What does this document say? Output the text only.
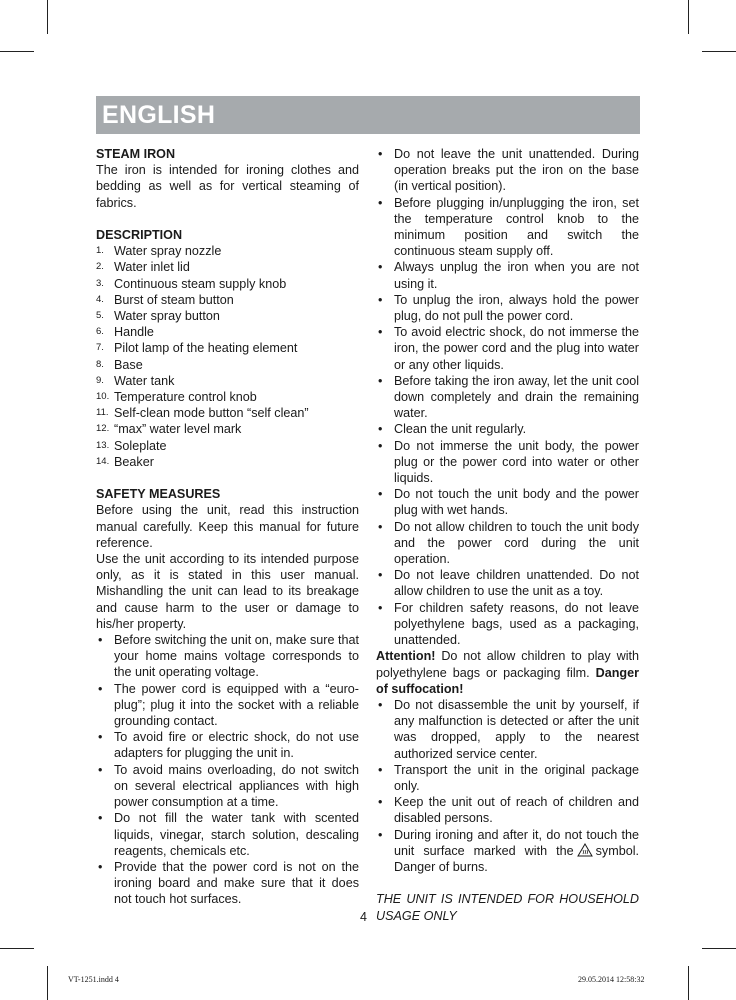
ENGLISH

STEAM IRON

The iron is intended for ironing clothes and bedding as well as for vertical steaming of fabrics.

DESCRIPTION

1. Water spray nozzle
2. Water inlet lid
3. Continuous steam supply knob
4. Burst of steam button
5. Water spray button
6. Handle
7. Pilot lamp of the heating element
8. Base
9. Water tank
10. Temperature control knob
11. Self-clean mode button “self clean”
12. “max” water level mark
13. Soleplate
14. Beaker

SAFETY MEASURES

Before using the unit, read this instruction manual carefully. Keep this manual for future reference.

Use the unit according to its intended purpose only, as it is stated in this user manual. Mishandling the unit can lead to its breakage and cause harm to the user or damage to his/her property.

• Before switching the unit on, make sure that your home mains voltage corresponds to the unit operating voltage.
• The power cord is equipped with a “euro-plug”; plug it into the socket with a reliable grounding contact.
• To avoid fire or electric shock, do not use adapters for plugging the unit in.
• To avoid mains overloading, do not switch on several electrical appliances with high power consumption at a time.
• Do not fill the water tank with scented liquids, vinegar, starch solution, descaling reagents, chemicals etc.
• Provide that the power cord is not on the ironing board and make sure that it does not touch hot surfaces.
• Do not leave the unit unattended. During operation breaks put the iron on the base (in vertical position).
• Before plugging in/unplugging the iron, set the temperature control knob to the minimum position and switch the continuous steam supply off.
• Always unplug the iron when you are not using it.
• To unplug the iron, always hold the power plug, do not pull the power cord.
• To avoid electric shock, do not immerse the iron, the power cord and the plug into water or any other liquids.
• Before taking the iron away, let the unit cool down completely and drain the remaining water.
• Clean the unit regularly.
• Do not immerse the unit body, the power plug or the power cord into water or other liquids.
• Do not touch the unit body and the power plug with wet hands.
• Do not allow children to touch the unit body and the power cord during the unit operation.
• Do not leave children unattended. Do not allow children to use the unit as a toy.
• For children safety reasons, do not leave polyethylene bags, used as a packaging, unattended.

Attention! Do not allow children to play with polyethylene bags or packaging film. Danger of suffocation!

• Do not disassemble the unit by yourself, if any malfunction is detected or after the unit was dropped, apply to the nearest authorized service center.
• Transport the unit in the original package only.
• Keep the unit out of reach of children and disabled persons.
• During ironing and after it, do not touch the unit surface marked with the symbol. Danger of burns.

THE UNIT IS INTENDED FOR HOUSEHOLD USAGE ONLY

4
VT-1251.indd 4	29.05.2014 12:58:32
